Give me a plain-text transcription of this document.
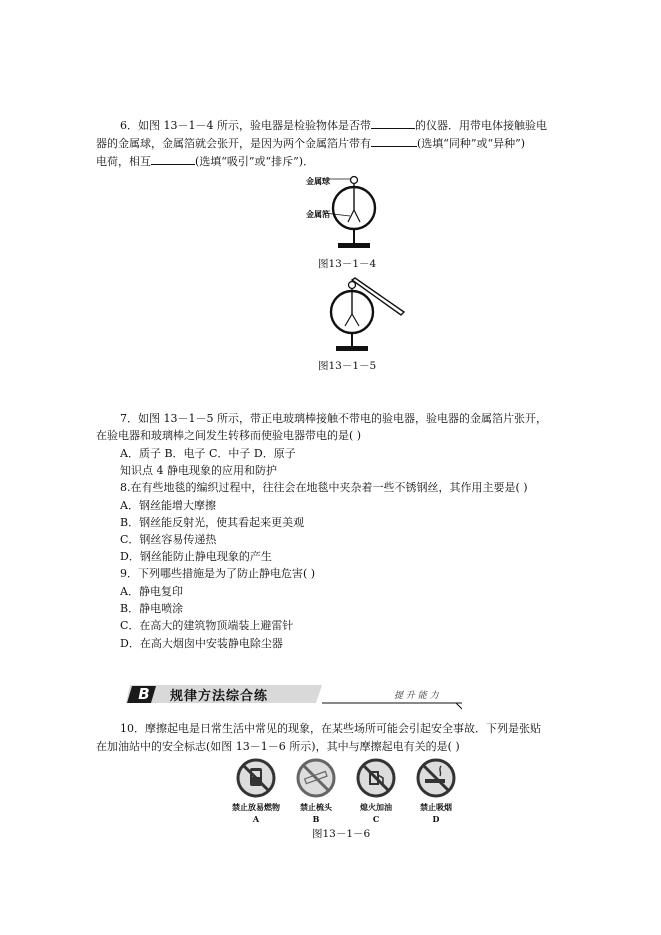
6．如图 13－1－4 所示，验电器是检验物体是否带	的仪器．用带电体接触验电
器的金属球，金属箔就会张开，是因为两个金属箔片带有	(选填“同种”或“异种”)
电荷，相互	(选填“吸引”或“排斥”)．
金属球
金属箔
图13－1－4
图13－1－5
7．如图 13－1－5 所示，带正电玻璃棒接触不带电的验电器，验电器的金属箔片张开，
在验电器和玻璃棒之间发生转移而使验电器带电的是( )
A．质子 B．电子 C．中子 D．原子
知识点 4 静电现象的应用和防护
8.在有些地毯的编织过程中，往往会在地毯中夹杂着一些不锈钢丝，其作用主要是( )
A．钢丝能增大摩擦
B．钢丝能反射光，使其看起来更美观
C．钢丝容易传递热
D．钢丝能防止静电现象的产生
9．下列哪些措施是为了防止静电危害( )
A．静电复印
B．静电喷涂
C．在高大的建筑物顶端装上避雷针
D．在高大烟囱中安装静电除尘器
B	规律方法综合练	提 升 能 力
10．摩擦起电是日常生活中常见的现象，在某些场所可能会引起安全事故．下列是张贴
在加油站中的安全标志(如图 13－1－6 所示)，其中与摩擦起电有关的是( )
禁止放易燃物	禁止梳头	熄火加油	禁止吸烟
A	B	C	D
图13－1－6
